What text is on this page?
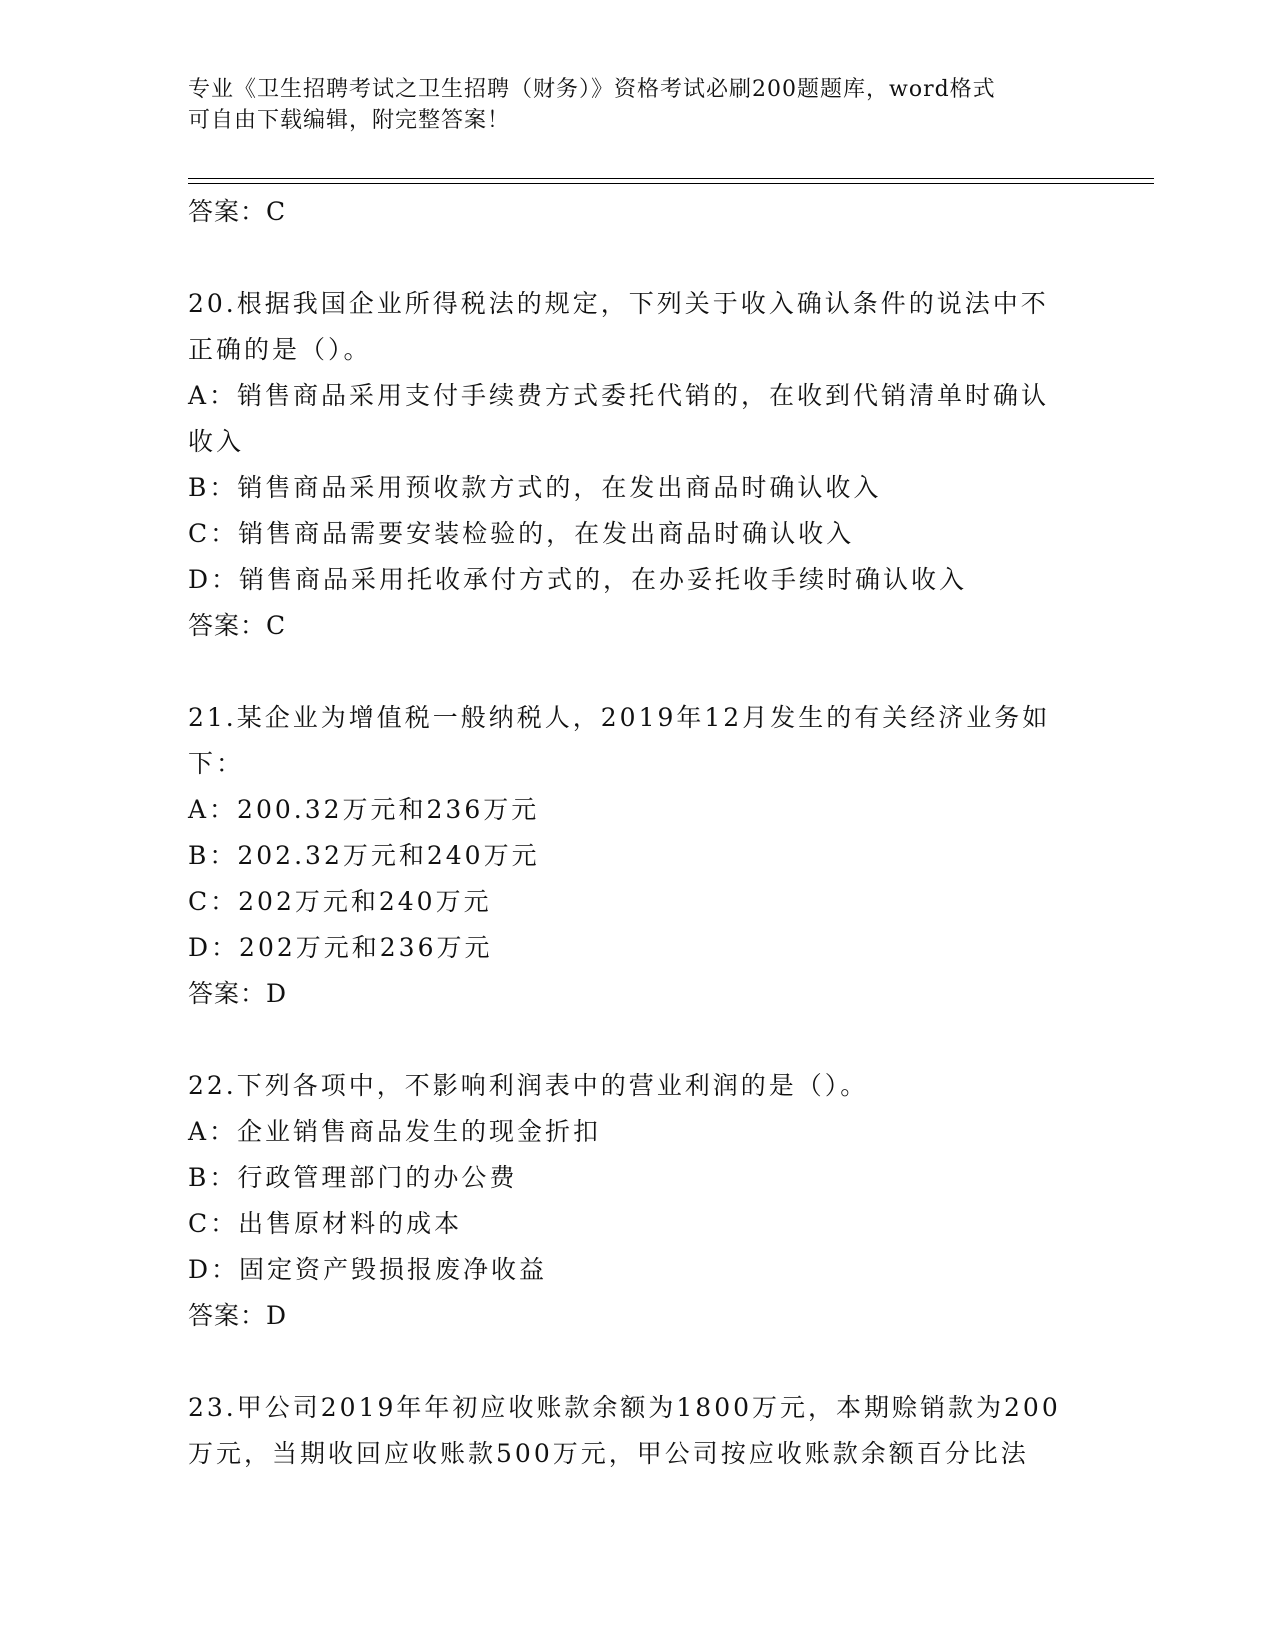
专业《卫生招聘考试之卫生招聘（财务）》资格考试必刷200题题库，word格式
可自由下载编辑，附完整答案！
答案：C
20.根据我国企业所得税法的规定，下列关于收入确认条件的说法中不
正确的是（）。
A：销售商品采用支付手续费方式委托代销的，在收到代销清单时确认
收入
B：销售商品采用预收款方式的，在发出商品时确认收入
C：销售商品需要安装检验的，在发出商品时确认收入
D：销售商品采用托收承付方式的，在办妥托收手续时确认收入
答案：C
21.某企业为增值税一般纳税人，2019年12月发生的有关经济业务如
下：
A：200.32万元和236万元
B：202.32万元和240万元
C：202万元和240万元
D：202万元和236万元
答案：D
22.下列各项中，不影响利润表中的营业利润的是（）。
A：企业销售商品发生的现金折扣
B：行政管理部门的办公费
C：出售原材料的成本
D：固定资产毁损报废净收益
答案：D
23.甲公司2019年年初应收账款余额为1800万元，本期赊销款为200
万元，当期收回应收账款500万元，甲公司按应收账款余额百分比法
